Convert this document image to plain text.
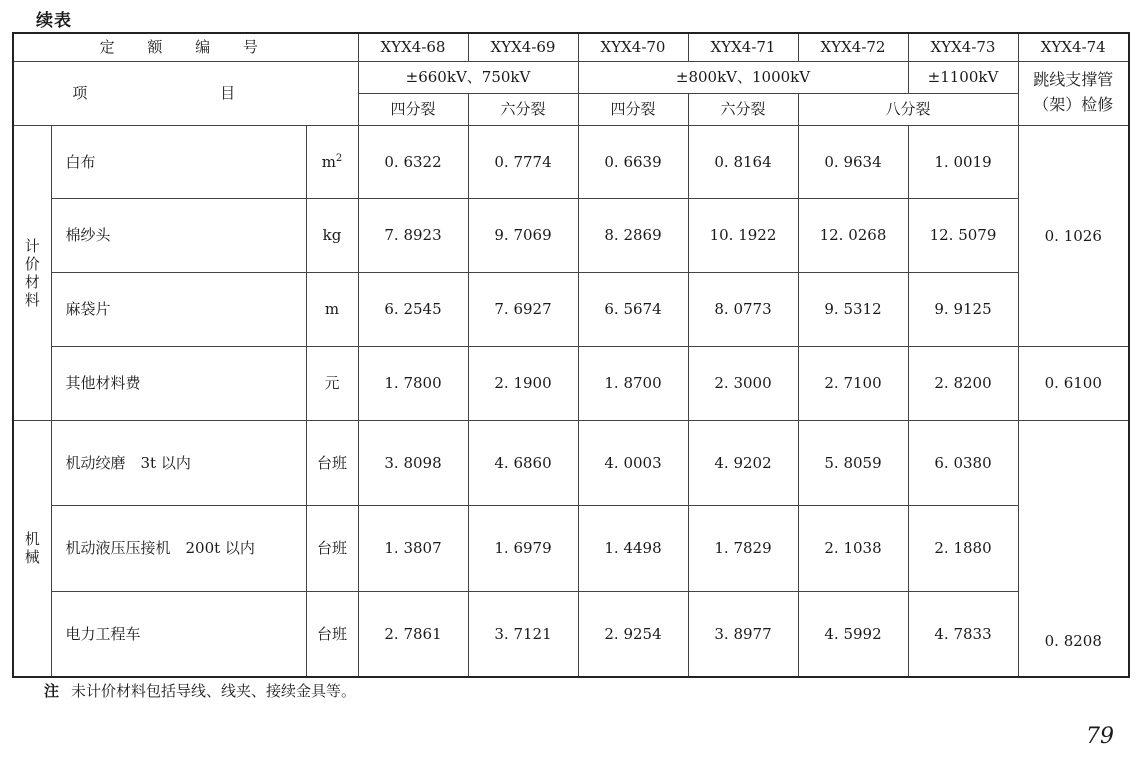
续表
定 额 编 号			XYX4-68	XYX4-69	XYX4-70	XYX4-71	XYX4-72	XYX4-73	XYX4-74
项 目			±660kV、750kV		±800kV、1000kV			±1100kV	跳线支撑管（架）检修
			四分裂	六分裂	四分裂	六分裂	八分裂		

计
价
材
料	白布	$m^2$	0. 6322	0. 7774	0. 6639	0. 8164	0. 9634	1. 0019	0. 1026
	棉纱头	kg	7. 8923	9. 7069	8. 2869	10. 1922	12. 0268	12. 5079	
	麻袋片	m	6. 2545	7. 6927	6. 5674	8. 0773	9. 5312	9. 9125	
	其他材料费	元	1. 7800	2. 1900	1. 8700	2. 3000	2. 7100	2. 8200	0. 6100

机
械	机动绞磨　3t 以内	台班	3. 8098	4. 6860	4. 0003	4. 9202	5. 8059	6. 0380	0. 8208
	机动液压压接机　200t 以内	台班	1. 3807	1. 6979	1. 4498	1. 7829	2. 1038	2. 1880	
	电力工程车	台班	2. 7861	3. 7121	2. 9254	3. 8977	4. 5992	4. 7833	
注 未计价材料包括导线、线夹、接续金具等。
79
